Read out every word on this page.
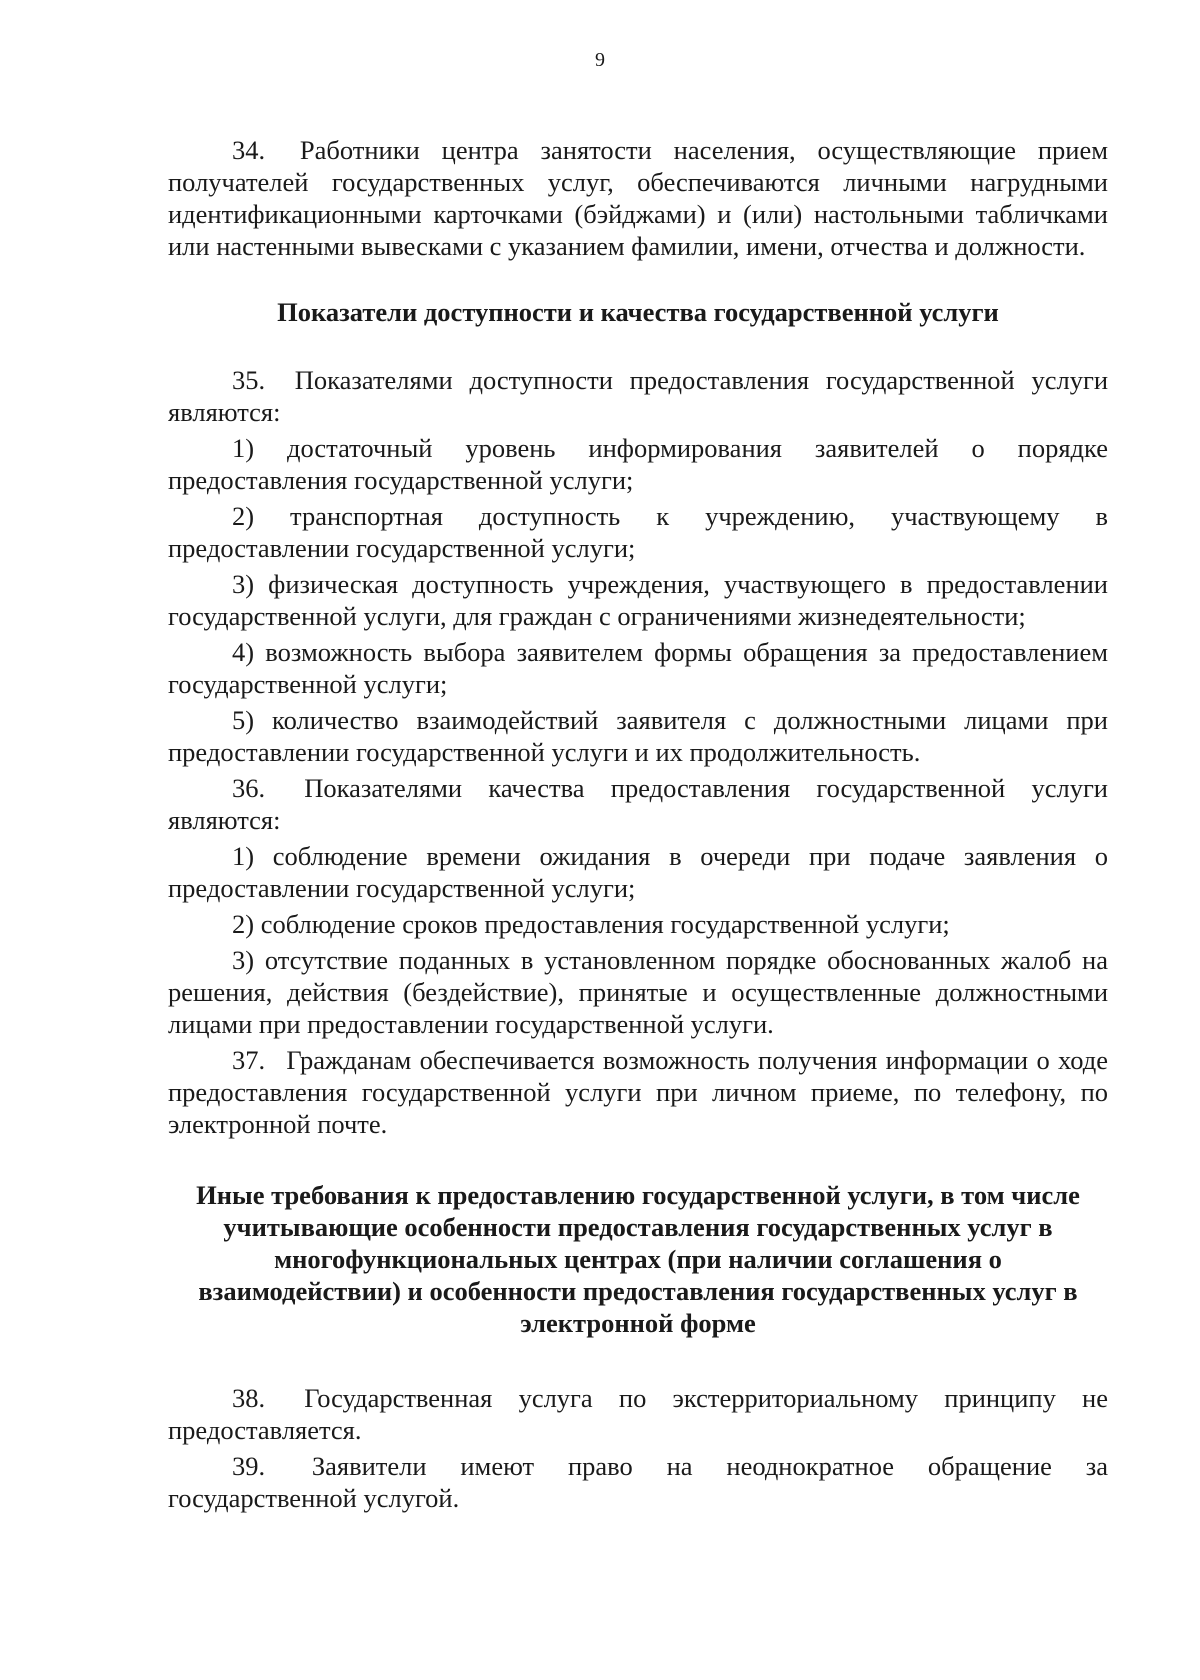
9

34. Работники центра занятости населения, осуществляющие прием получателей государственных услуг, обеспечиваются личными нагрудными идентификационными карточками (бэйджами) и (или) настольными табличками или настенными вывесками с указанием фамилии, имени, отчества и должности.

Показатели доступности и качества государственной услуги

35. Показателями доступности предоставления государственной услуги являются:

1) достаточный уровень информирования заявителей о порядке предоставления государственной услуги;

2) транспортная доступность к учреждению, участвующему в предоставлении государственной услуги;

3) физическая доступность учреждения, участвующего в предоставлении государственной услуги, для граждан с ограничениями жизнедеятельности;

4) возможность выбора заявителем формы обращения за предоставлением государственной услуги;

5) количество взаимодействий заявителя с должностными лицами при предоставлении государственной услуги и их продолжительность.

36. Показателями качества предоставления государственной услуги являются:

1) соблюдение времени ожидания в очереди при подаче заявления о предоставлении государственной услуги;

2) соблюдение сроков предоставления государственной услуги;

3) отсутствие поданных в установленном порядке обоснованных жалоб на решения, действия (бездействие), принятые и осуществленные должностными лицами при предоставлении государственной услуги.

37. Гражданам обеспечивается возможность получения информации о ходе предоставления государственной услуги при личном приеме, по телефону, по электронной почте.

Иные требования к предоставлению государственной услуги, в том числе учитывающие особенности предоставления государственных услуг в многофункциональных центрах (при наличии соглашения о взаимодействии) и особенности предоставления государственных услуг в электронной форме

38. Государственная услуга по экстерриториальному принципу не предоставляется.

39. Заявители имеют право на неоднократное обращение за государственной услугой.
